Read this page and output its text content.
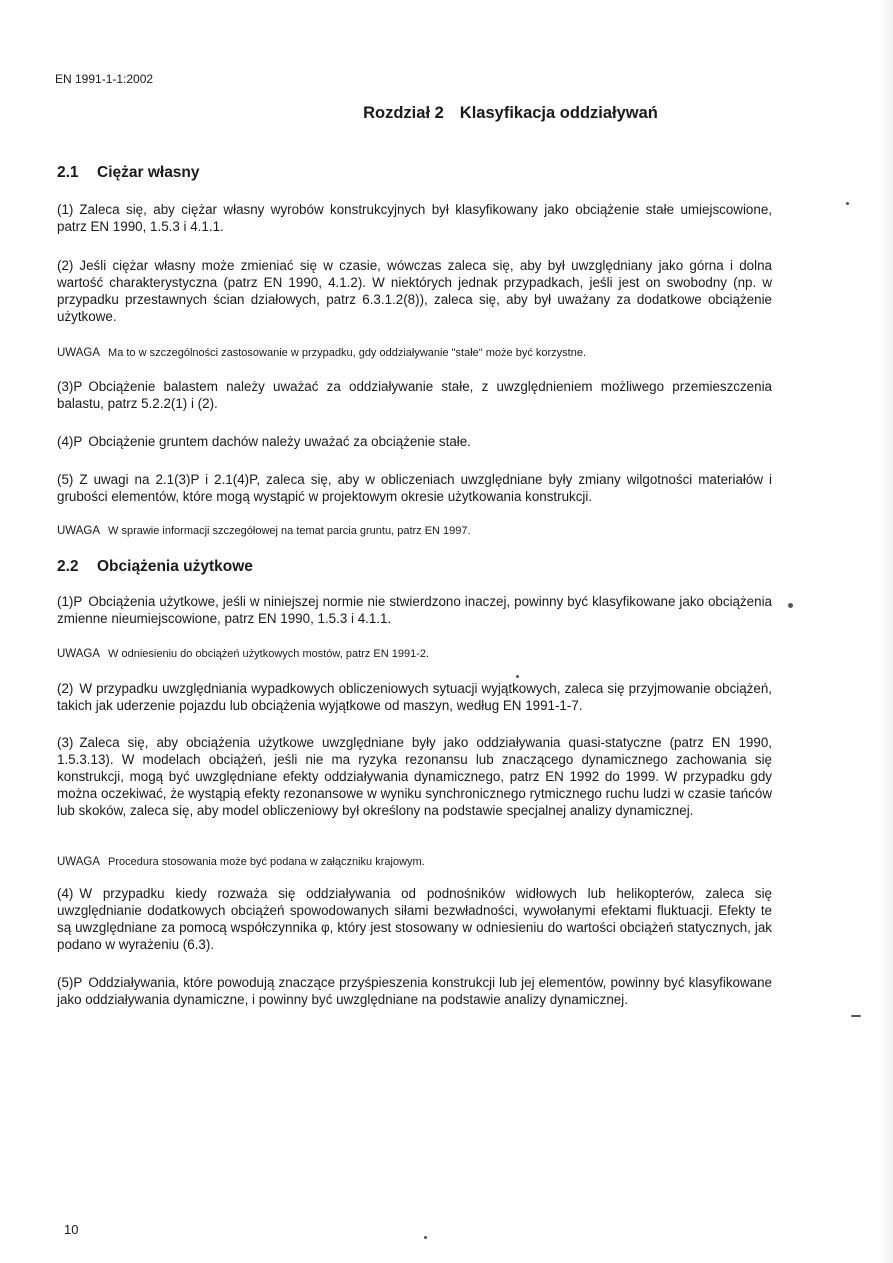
EN 1991-1-1:2002
Rozdział 2 Klasyfikacja oddziaływań
2.1 Ciężar własny
(1) Zaleca się, aby ciężar własny wyrobów konstrukcyjnych był klasyfikowany jako obciążenie stałe umiejscowione, patrz EN 1990, 1.5.3 i 4.1.1.
(2) Jeśli ciężar własny może zmieniać się w czasie, wówczas zaleca się, aby był uwzględniany jako górna i dolna wartość charakterystyczna (patrz EN 1990, 4.1.2). W niektórych jednak przypadkach, jeśli jest on swobodny (np. w przypadku przestawnych ścian działowych, patrz 6.3.1.2(8)), zaleca się, aby był uważany za dodatkowe obciążenie użytkowe.
UWAGA Ma to w szczególności zastosowanie w przypadku, gdy oddziaływanie "stałe" może być korzystne.
(3)P Obciążenie balastem należy uważać za oddziaływanie stałe, z uwzględnieniem możliwego przemieszczenia balastu, patrz 5.2.2(1) i (2).
(4)P Obciążenie gruntem dachów należy uważać za obciążenie stałe.
(5) Z uwagi na 2.1(3)P i 2.1(4)P, zaleca się, aby w obliczeniach uwzględniane były zmiany wilgotności materiałów i grubości elementów, które mogą wystąpić w projektowym okresie użytkowania konstrukcji.
UWAGA W sprawie informacji szczegółowej na temat parcia gruntu, patrz EN 1997.
2.2 Obciążenia użytkowe
(1)P Obciążenia użytkowe, jeśli w niniejszej normie nie stwierdzono inaczej, powinny być klasyfikowane jako obciążenia zmienne nieumiejscowione, patrz EN 1990, 1.5.3 i 4.1.1.
UWAGA W odniesieniu do obciążeń użytkowych mostów, patrz EN 1991-2.
(2) W przypadku uwzględniania wypadkowych obliczeniowych sytuacji wyjątkowych, zaleca się przyjmowanie obciążeń, takich jak uderzenie pojazdu lub obciążenia wyjątkowe od maszyn, według EN 1991-1-7.
(3) Zaleca się, aby obciążenia użytkowe uwzględniane były jako oddziaływania quasi-statyczne (patrz EN 1990, 1.5.3.13). W modelach obciążeń, jeśli nie ma ryzyka rezonansu lub znaczącego dynamicznego zachowania się konstrukcji, mogą być uwzględniane efekty oddziaływania dynamicznego, patrz EN 1992 do 1999. W przypadku gdy można oczekiwać, że wystąpią efekty rezonansowe w wyniku synchronicznego rytmicznego ruchu ludzi w czasie tańców lub skoków, zaleca się, aby model obliczeniowy był określony na podstawie specjalnej analizy dynamicznej.
UWAGA Procedura stosowania może być podana w załączniku krajowym.
(4) W przypadku kiedy rozważa się oddziaływania od podnośników widłowych lub helikopterów, zaleca się uwzględnianie dodatkowych obciążeń spowodowanych siłami bezwładności, wywołanymi efektami fluktuacji. Efekty te są uwzględniane za pomocą współczynnika φ, który jest stosowany w odniesieniu do wartości obciążeń statycznych, jak podano w wyrażeniu (6.3).
(5)P Oddziaływania, które powodują znaczące przyśpieszenia konstrukcji lub jej elementów, powinny być klasyfikowane jako oddziaływania dynamiczne, i powinny być uwzględniane na podstawie analizy dynamicznej.
10
